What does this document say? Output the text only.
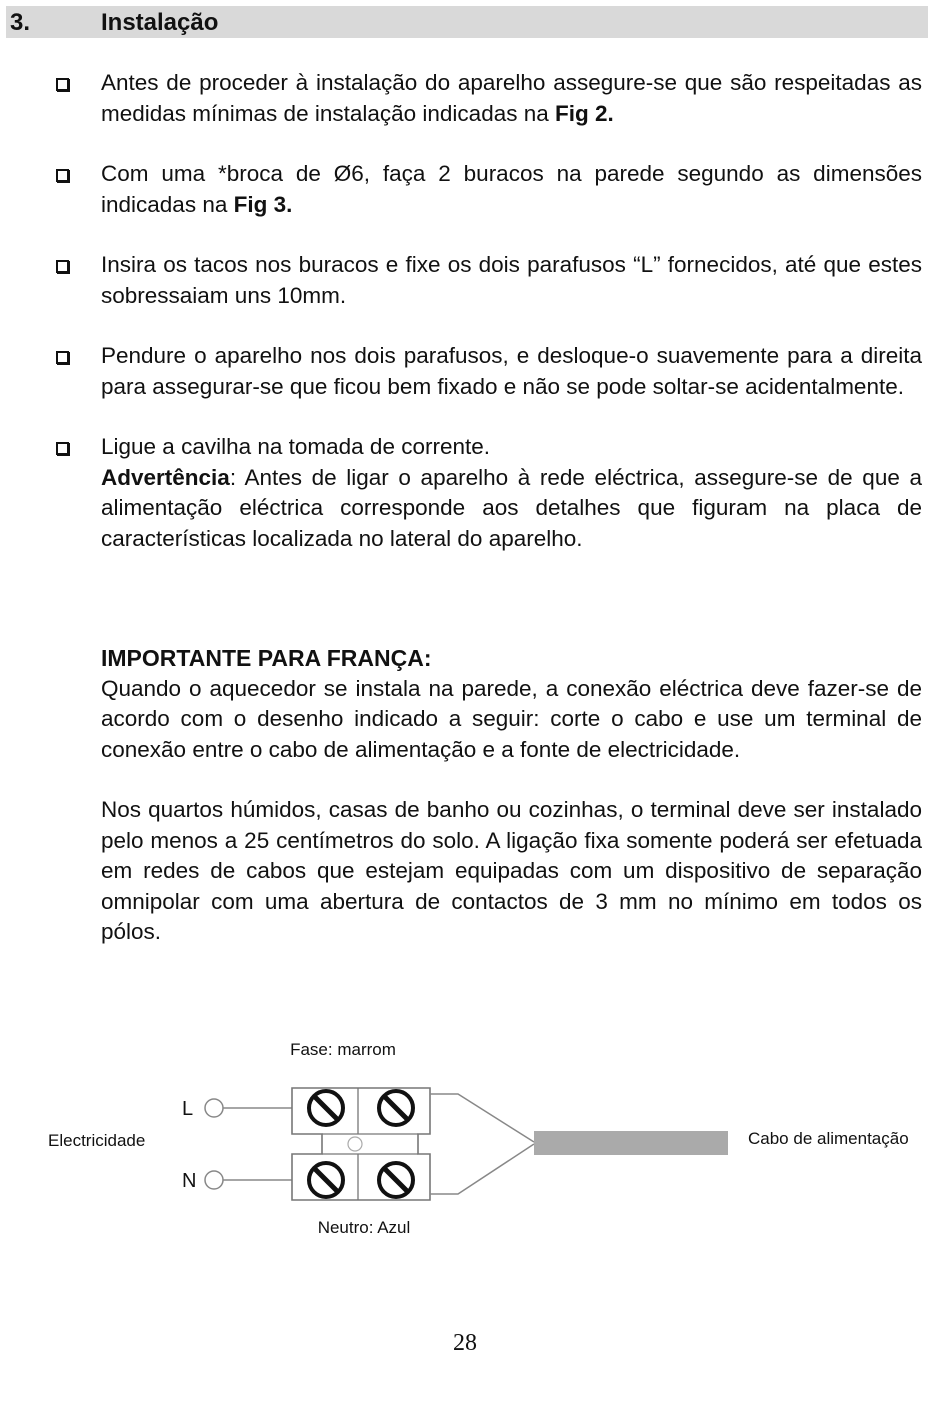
3.	Instalação
Antes de proceder à instalação do aparelho assegure-se que são respeitadas as medidas mínimas de instalação indicadas na Fig 2.
Com uma *broca de Ø6, faça 2 buracos na parede segundo as dimensões indicadas na Fig 3.
Insira os tacos nos buracos e fixe os dois parafusos “L” fornecidos, até que estes sobressaiam uns 10mm.
Pendure o aparelho nos dois parafusos, e desloque-o suavemente para a direita para assegurar-se que ficou bem fixado e não se pode soltar-se acidentalmente.
Ligue a cavilha na tomada de corrente.
Advertência: Antes de ligar o aparelho à rede eléctrica, assegure-se de que a alimentação eléctrica corresponde aos detalhes que figuram na placa de características localizada no lateral do aparelho.
IMPORTANTE PARA FRANÇA:
Quando o aquecedor se instala na parede, a conexão eléctrica deve fazer-se de acordo com o desenho indicado a seguir: corte o cabo e use um terminal de conexão entre o cabo de alimentação e a fonte de electricidade.
Nos quartos húmidos, casas de banho ou cozinhas, o terminal deve ser instalado pelo menos a 25 centímetros do solo. A ligação fixa somente poderá ser efetuada em redes de cabos que estejam equipadas com um dispositivo de separação omnipolar com uma abertura de contactos de 3 mm no mínimo em todos os pólos.
Fase: marrom
Neutro: Azul
Electricidade	Cabo de alimentação
L
N
28
